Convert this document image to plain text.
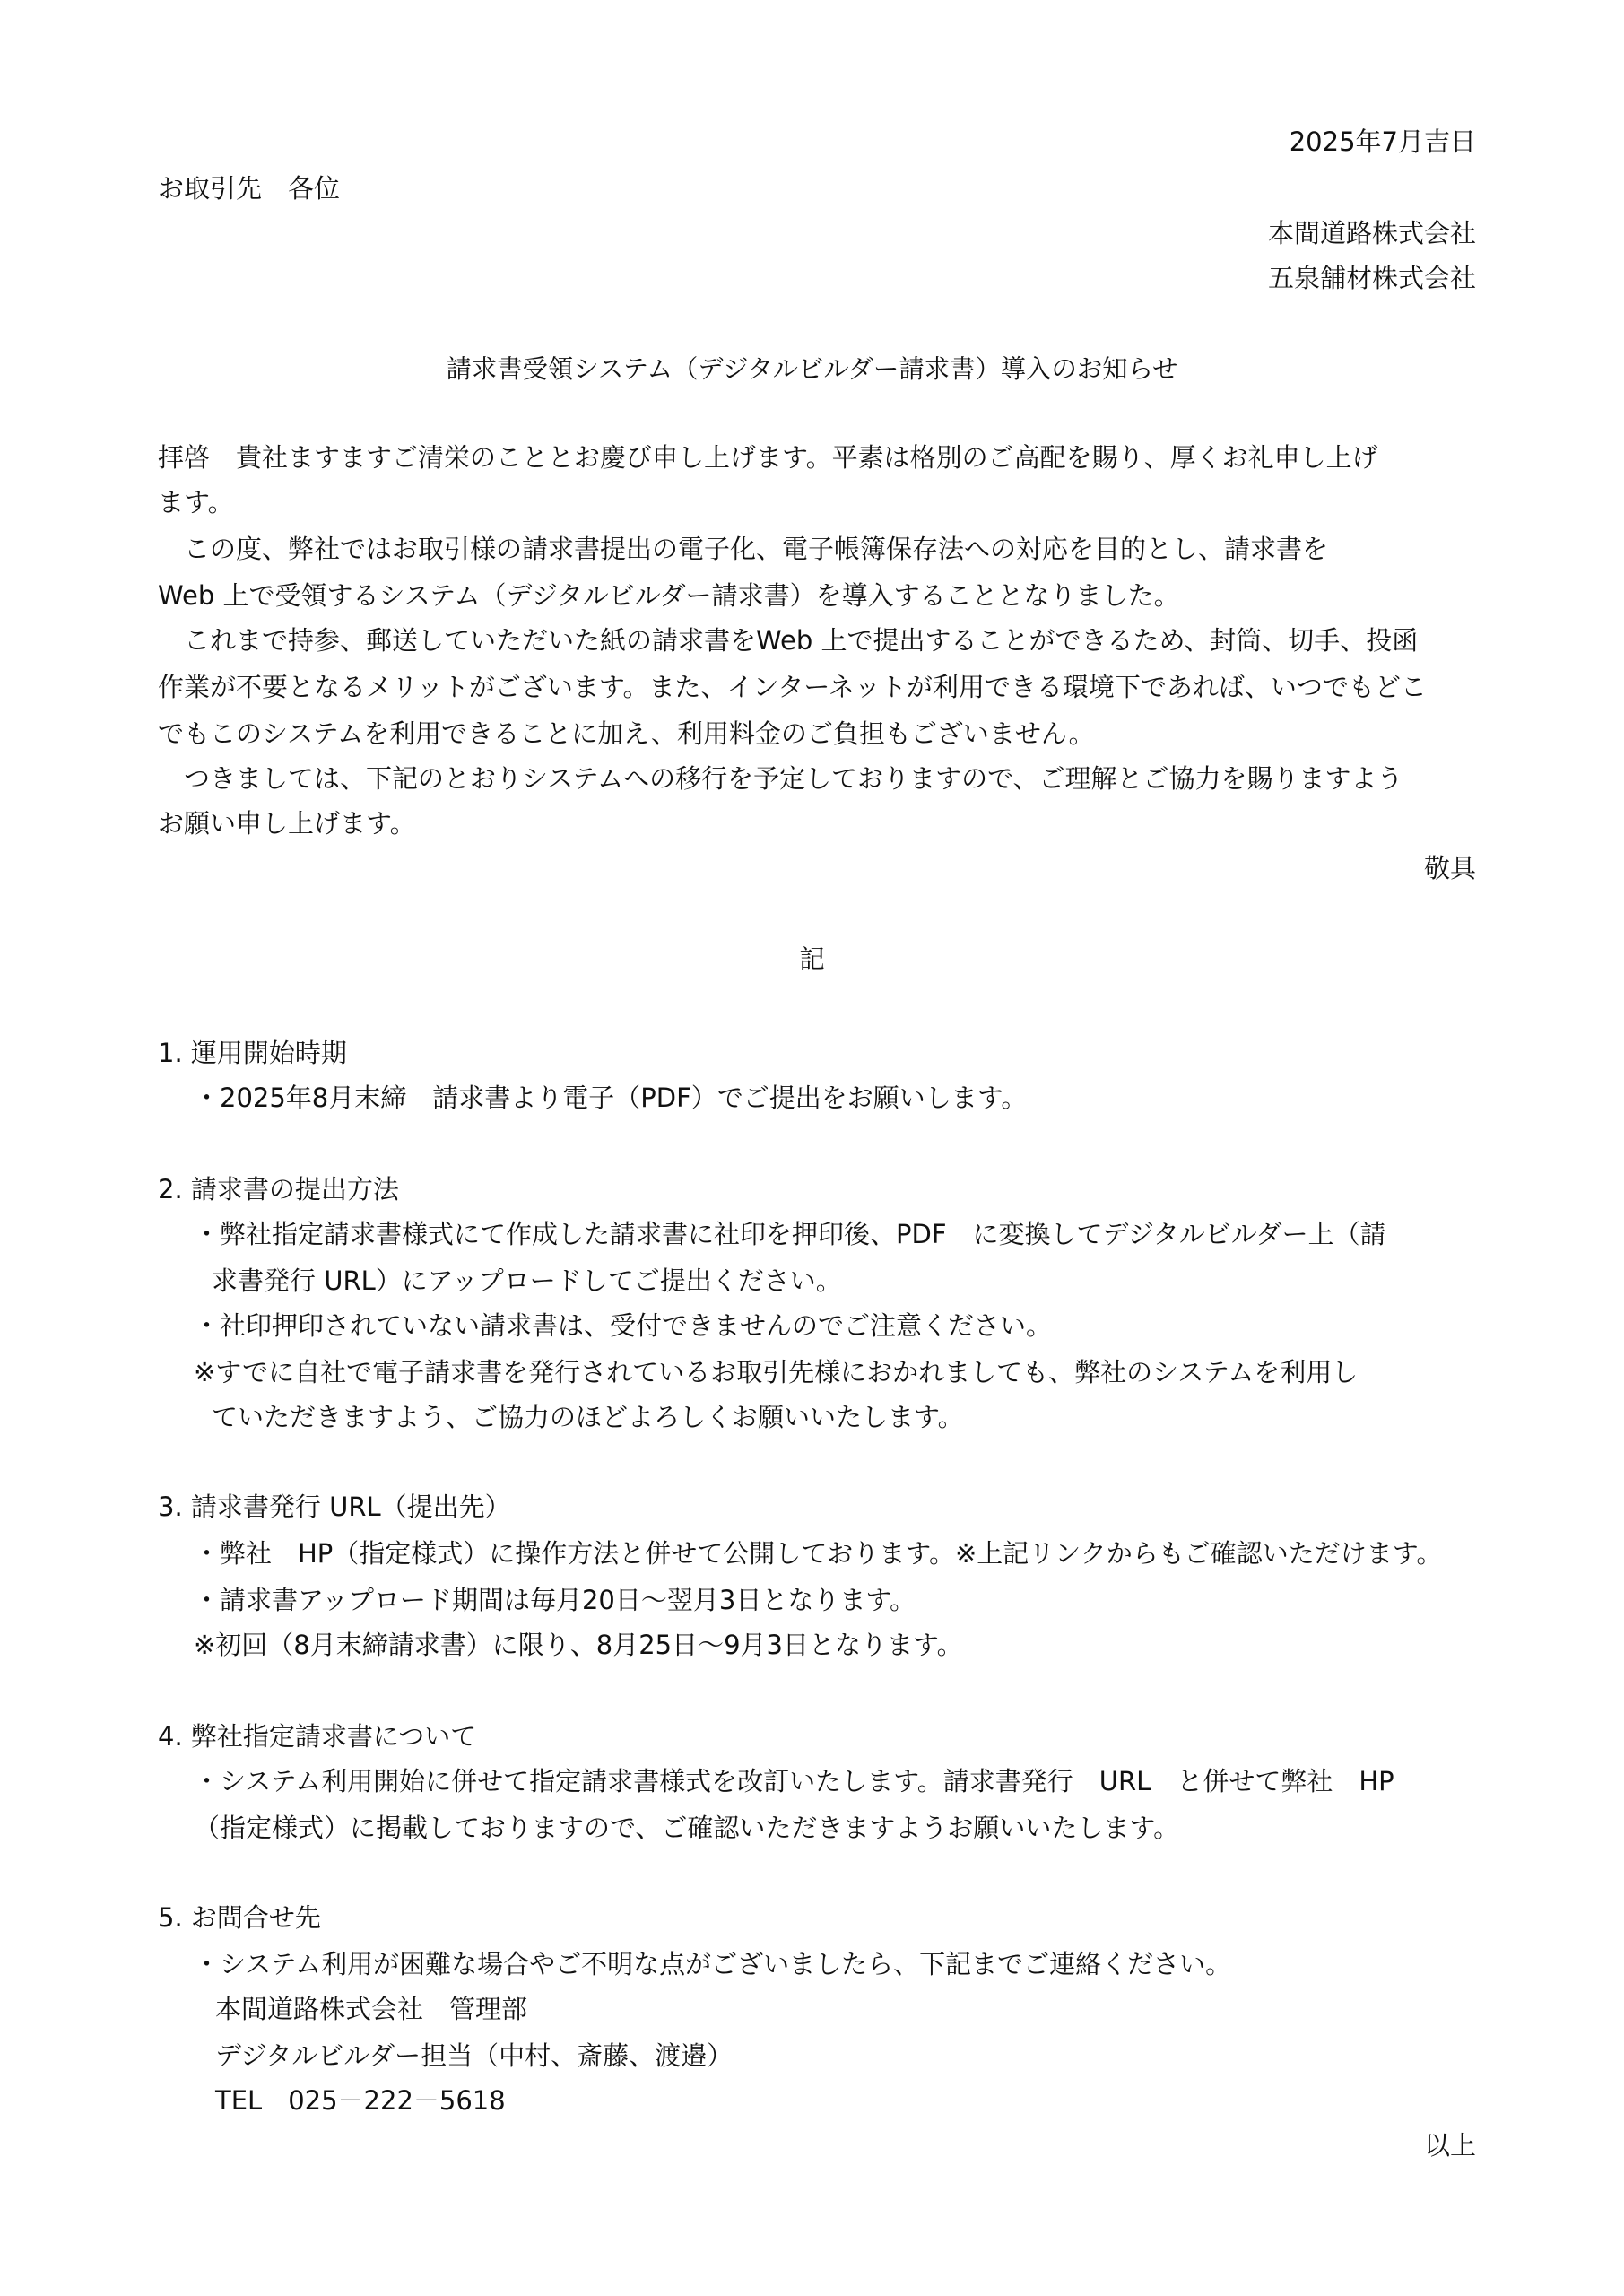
2025年7月吉日
お取引先　各位
本間道路株式会社
五泉舗材株式会社
請求書受領システム（デジタルビルダー請求書）導入のお知らせ
拝啓　貴社ますますご清栄のこととお慶び申し上げます。平素は格別のご高配を賜り、厚くお礼申し上げ
ます。
　この度、弊社ではお取引様の請求書提出の電子化、電子帳簿保存法への対応を目的とし、請求書を
Web 上で受領するシステム（デジタルビルダー請求書）を導入することとなりました。
　これまで持参、郵送していただいた紙の請求書をWeb 上で提出することができるため、封筒、切手、投函
作業が不要となるメリットがございます。また、インターネットが利用できる環境下であれば、いつでもどこ
でもこのシステムを利用できることに加え、利用料金のご負担もございません。
　つきましては、下記のとおりシステムへの移行を予定しておりますので、ご理解とご協力を賜りますよう
お願い申し上げます。
敬具
記
1. 運用開始時期
・2025年8月末締　請求書より電子（PDF）でご提出をお願いします。
2. 請求書の提出方法
・弊社指定請求書様式にて作成した請求書に社印を押印後、PDF　に変換してデジタルビルダー上（請
求書発行 URL）にアップロードしてご提出ください。
・社印押印されていない請求書は、受付できませんのでご注意ください。
※すでに自社で電子請求書を発行されているお取引先様におかれましても、弊社のシステムを利用し
ていただきますよう、ご協力のほどよろしくお願いいたします。
3. 請求書発行 URL（提出先）
・弊社　HP（指定様式）に操作方法と併せて公開しております。※上記リンクからもご確認いただけます。
・請求書アップロード期間は毎月20日～翌月3日となります。
※初回（8月末締請求書）に限り、8月25日～9月3日となります。
4. 弊社指定請求書について
・システム利用開始に併せて指定請求書様式を改訂いたします。請求書発行　URL　と併せて弊社　HP
（指定様式）に掲載しておりますので、ご確認いただきますようお願いいたします。
5. お問合せ先
・システム利用が困難な場合やご不明な点がございましたら、下記までご連絡ください。
本間道路株式会社　管理部
デジタルビルダー担当（中村、斎藤、渡邉）
TEL　025－222－5618
以上
